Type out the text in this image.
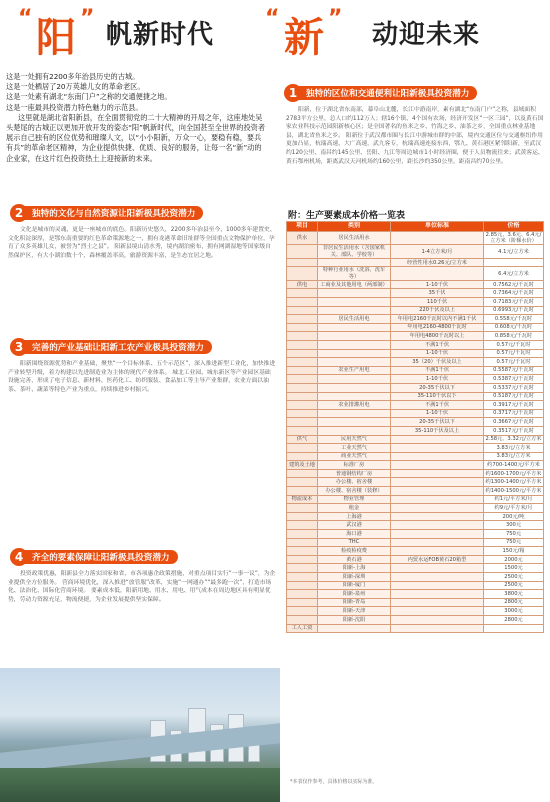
“ 阳 ”
帆新时代
“ 新 ”
动迎未来

这是一处拥有2200多年治县历史的古城。

这是一处栖居了20万英雄儿女的革命老区。

这是一处素有湖北“东南门户”之称的交通便捷之地。

这是一座最具投资潜力特色魅力的示范县。

这里就是湖北省阳新县，在全面贯彻党的二十大精神的开局之年，这座地处吴头楚尾的古城正以更加开放开发的姿态“阳”帆新时代，向全国甚至全世界的投资者展示自己独有的区位优势和璀璨人文，以“小小阳新，万众一心，要稳有稳，要兵有兵”的革命老区精神，为企业提供快捷、优质、良好的服务，让每一名“新”动的企业家，在这片红色投资热土上迎接新的未来。

1	独特的区位和交通便利让阳新极具投资潜力
阳新，位于湖北省东南部，幕阜山北麓，长江中游南岸，素有湖北“东南门户”之称，县域面积2783平方公里，总人口约112万人；辖16个镇、4个国有农场，经济开发区“一区三园”，以及黄石国家农业科技示范园阳新核心区；是全国著名的鱼米之乡、竹海之乡、油茶之乡，全国重点林业基地县，湖北省鱼米之乡。 阳新位于武汉都市圈与长江中游城市群的中部，境内交通区位与交通枢纽作用更加凸显，杭瑞高速、大广高速，武九客专，杭瑞高速连接东西，鄂九、黄石港区紧邻阳新，至武汉约120公里、南昌约145公里、岳阳、九江等周边城市1小时经济圈，便于人员物流往来；武黄客运、黄石鄂州机场，距离武汉天河机场约160公里，距长沙约350公里，距南昌约70公里。
2	独特的文化与自然资源让阳新极具投资潜力
文化是城市的灵魂，更是一座城市的底色。阳新历史悠久，2200多年治县至今，1000多年建置史、文化积淀深厚，是鄂东南重要的红色革命策源地之一，拥有龙港革命旧址群等全国重点文物保护单位，孕育了众多英雄儿女，被誉为“烈士之县”。 阳新县境山清水秀，境内湖泊密布，拥有网湖湿地等国家级自然保护区，有大小湖泊数十个，森林覆盖率高，旅游资源丰富，是生态宜居之地。
3	完善的产业基础让阳新工农产业极具投资潜力
阳新围绕资源优势和产业基础，聚焦“一个目标体系、五个示范区”，深入推进新型工业化，加快推进产业转型升级，着力构建以先进制造业为主体的现代产业体系。 城北工业园、城东新区等产业园区基础设施完善，形成了电子信息、新材料、医药化工、纺织服装、食品加工等主导产业集群，农业方面以油茶、茶叶、蔬菜等特色产业为重点，持续推进乡村振兴。
4	齐全的要素保障让阳新极具投资潜力
投资政策优惠，阳新县全力落实国家和省、市各项惠企政策措施，对重点项目实行“一事一议”，为企业提供全方位服务。 营商环境优化，深入推进“放管服”改革，实施“一网通办”“最多跑一次”，打造市场化、法治化、国际化营商环境。 要素成本低，阳新用地、用水、用电、用气成本在周边地区具有明显优势，劳动力资源充足，物流便捷，为企业发展提供坚实保障。
附：生产要素成本价格一览表
项目	类别	单位标准	价格
供水	居民生活用水		2.85元、3.6元、6.4元/立方米（阶梯水价）
	非居民生活用水（含国家机关、部队、学校等）	1-4立方米/月	4.1元/立方米
		经营性用水0.26元/立方米	
	特种行业用水（洗浴、洗车等）		6.4元/立方米
供电	工商业及其他用电（两部制）	1-10千伏	0.7562元/千瓦时
		35千伏	0.7364元/千瓦时
		110千伏	0.7183元/千瓦时
		220千伏及以上	0.6993元/千瓦时
	居民生活用电	年用电2160千瓦时以内不满1千伏	0.558元/千瓦时
		年用电2160-4800千瓦时	0.608元/千瓦时
		年用电4800千瓦时以上	0.858元/千瓦时
		不满1千伏	0.57元/千瓦时
		1-10千伏	0.57元/千瓦时
		35（20）千伏及以上	0.57元/千瓦时
	农业生产用电	不满1千伏	0.5587元/千瓦时
		1-10千伏	0.5387元/千瓦时
		20-35千伏以下	0.5337元/千瓦时
		35-110千伏以下	0.5187元/千瓦时
	农业排灌用电	不满1千伏	0.3917元/千瓦时
		1-10千伏	0.3717元/千瓦时
		20-35千伏以下	0.3667元/千瓦时
		35-110千伏及以上	0.3517元/千瓦时
供气	民用天然气		2.58元、3.32元/立方米
	工业天然气		3.83元/立方米
	商业天然气		3.83元/立方米
建筑及土地	标准厂房		约700-1400元/平方米
	普通钢结构厂房		约1600-1700元/平方米
	办公楼、宿舍楼		约1300-1400元/平方米
	办公楼、宿舍楼（装修）		约1400-1500元/平方米
物流成本	物业管理		约1元/平方米/月
	租金		约9元/平方米/月
	上海港		200元/吨
	武汉港		300元
	海口港		750元
	THC		750元
	检疫检疫费		150元/箱
	黄石港	内贸水运FOB黄石20箱型	2000元
	阳新-上海		1500元
	阳新-深圳		2500元
	阳新-厦门		2500元
	阳新-泉州		3800元
	阳新-青岛		2800元
	阳新-天津		3000元
	阳新-沈阳		2800元
工人工资			
*本表仅作参考，具体价格以实际为准。
